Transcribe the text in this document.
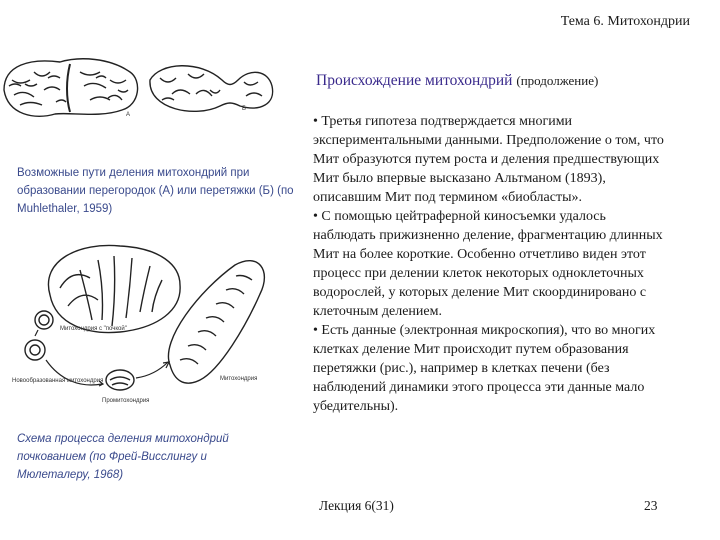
Тема 6. Митохондрии
Происхождение митохондрий (продолжение)

• Третья гипотеза подтверждается многими экспериментальными данными. Предположение о том, что Мит образуются путем роста и деления предшествующих Мит было впервые высказано Альтманом (1893), описавшим Мит под термином «биобласты».

• С помощью цейтраферной киносъемки удалось наблюдать прижизненно деление, фрагментацию длинных Мит на более короткие. Особенно отчетливо виден этот процесс при делении клеток некоторых одноклеточных водорослей, у которых деление Мит скоординировано с клеточным делением.

• Есть данные (электронная микроскопия), что во многих клетках деление Мит происходит путем образования перетяжки (рис.), например в клетках печени (без наблюдений динамики этого процесса эти данные мало убедительны).

A
Б
Возможные пути деления митохондрий при образовании перегородок (А) или перетяжки (Б) (по Muhlethaler, 1959)
Митохондрия с "почкой"
Митохондрия
Новообразованная митохондрия
Промитохондрия
Схема процесса деления митохондрий почкованием (по Фрей-Висслингу и Мюлеталеру, 1968)
Лекция 6(31)	23
